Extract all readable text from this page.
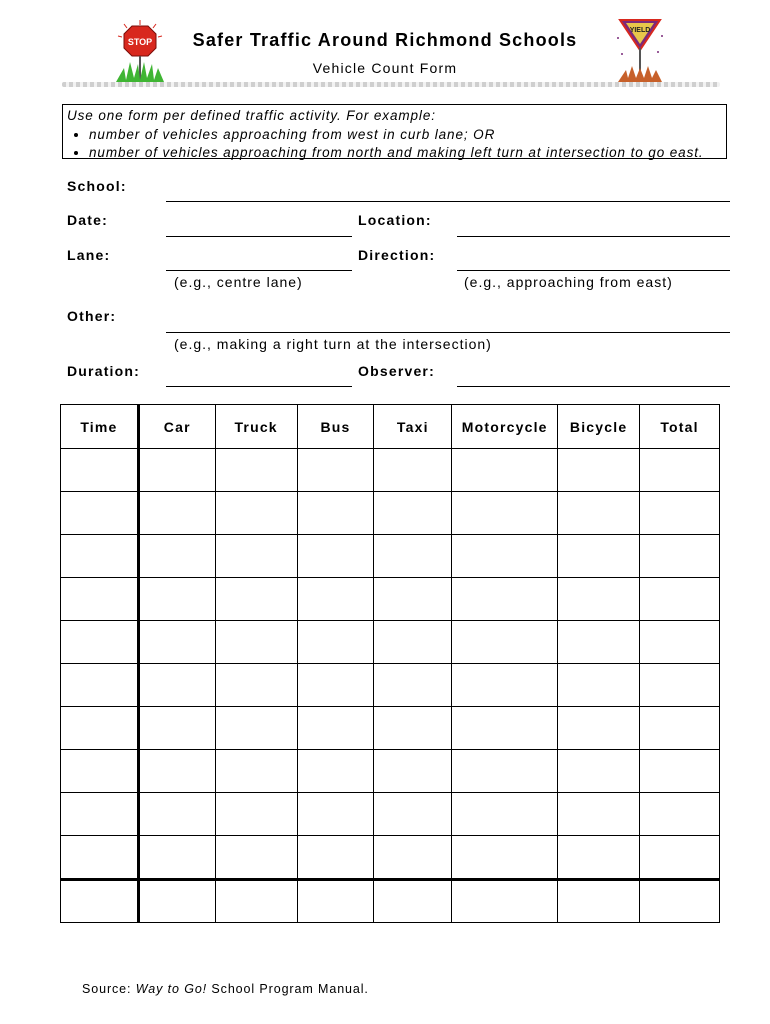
STOP
YIELD
Safer Traffic Around Richmond Schools
Vehicle Count Form
Use one form per defined traffic activity. For example:
• number of vehicles approaching from west in curb lane; OR
• number of vehicles approaching from north and making left turn at intersection to go east.
School:
Date:	Location:
Lane:	Direction:
(e.g., centre lane)	(e.g., approaching from east)
Other:
(e.g., making a right turn at the intersection)
Duration:	Observer:
Time	Car	Truck	Bus	Taxi	Motorcycle	Bicycle	Total

Source: Way to Go! School Program Manual.
